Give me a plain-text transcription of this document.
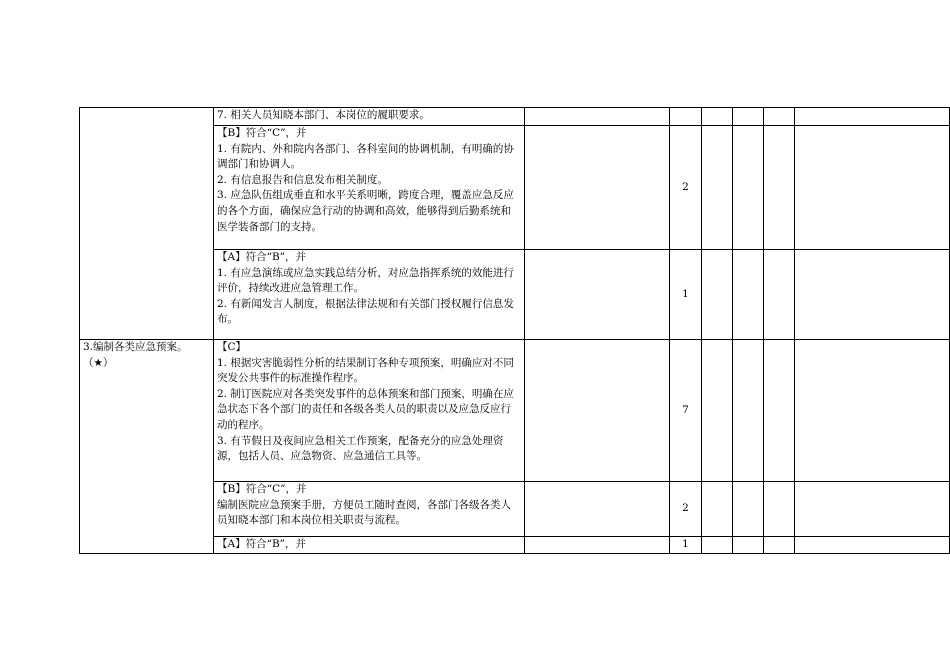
	7. 相关人员知晓本部门、本岗位的履职要求。						

	【B】符合“C”，并
1. 有院内、外和院内各部门、各科室间的协调机制，有明确的协调部门和协调人。
2. 有信息报告和信息发布相关制度。
3. 应急队伍组成垂直和水平关系明晰，跨度合理，覆盖应急反应的各个方面，确保应急行动的协调和高效，能够得到后勤系统和医学装备部门的支持。		2				

	【A】符合“B”，并
1. 有应急演练或应急实践总结分析，对应急指挥系统的效能进行评价，持续改进应急管理工作。
2. 有新闻发言人制度，根据法律法规和有关部门授权履行信息发布。		1				

3.编制各类应急预案。
（★）	【C】
1. 根据灾害脆弱性分析的结果制订各种专项预案，明确应对不同突发公共事件的标准操作程序。
2. 制订医院应对各类突发事件的总体预案和部门预案，明确在应急状态下各个部门的责任和各级各类人员的职责以及应急反应行动的程序。
3. 有节假日及夜间应急相关工作预案，配备充分的应急处理资源，包括人员、应急物资、应急通信工具等。		7				

	【B】符合“C”，并
编制医院应急预案手册，方便员工随时查阅，各部门各级各类人员知晓本部门和本岗位相关职责与流程。		2				

	【A】符合“B”，并		1				
